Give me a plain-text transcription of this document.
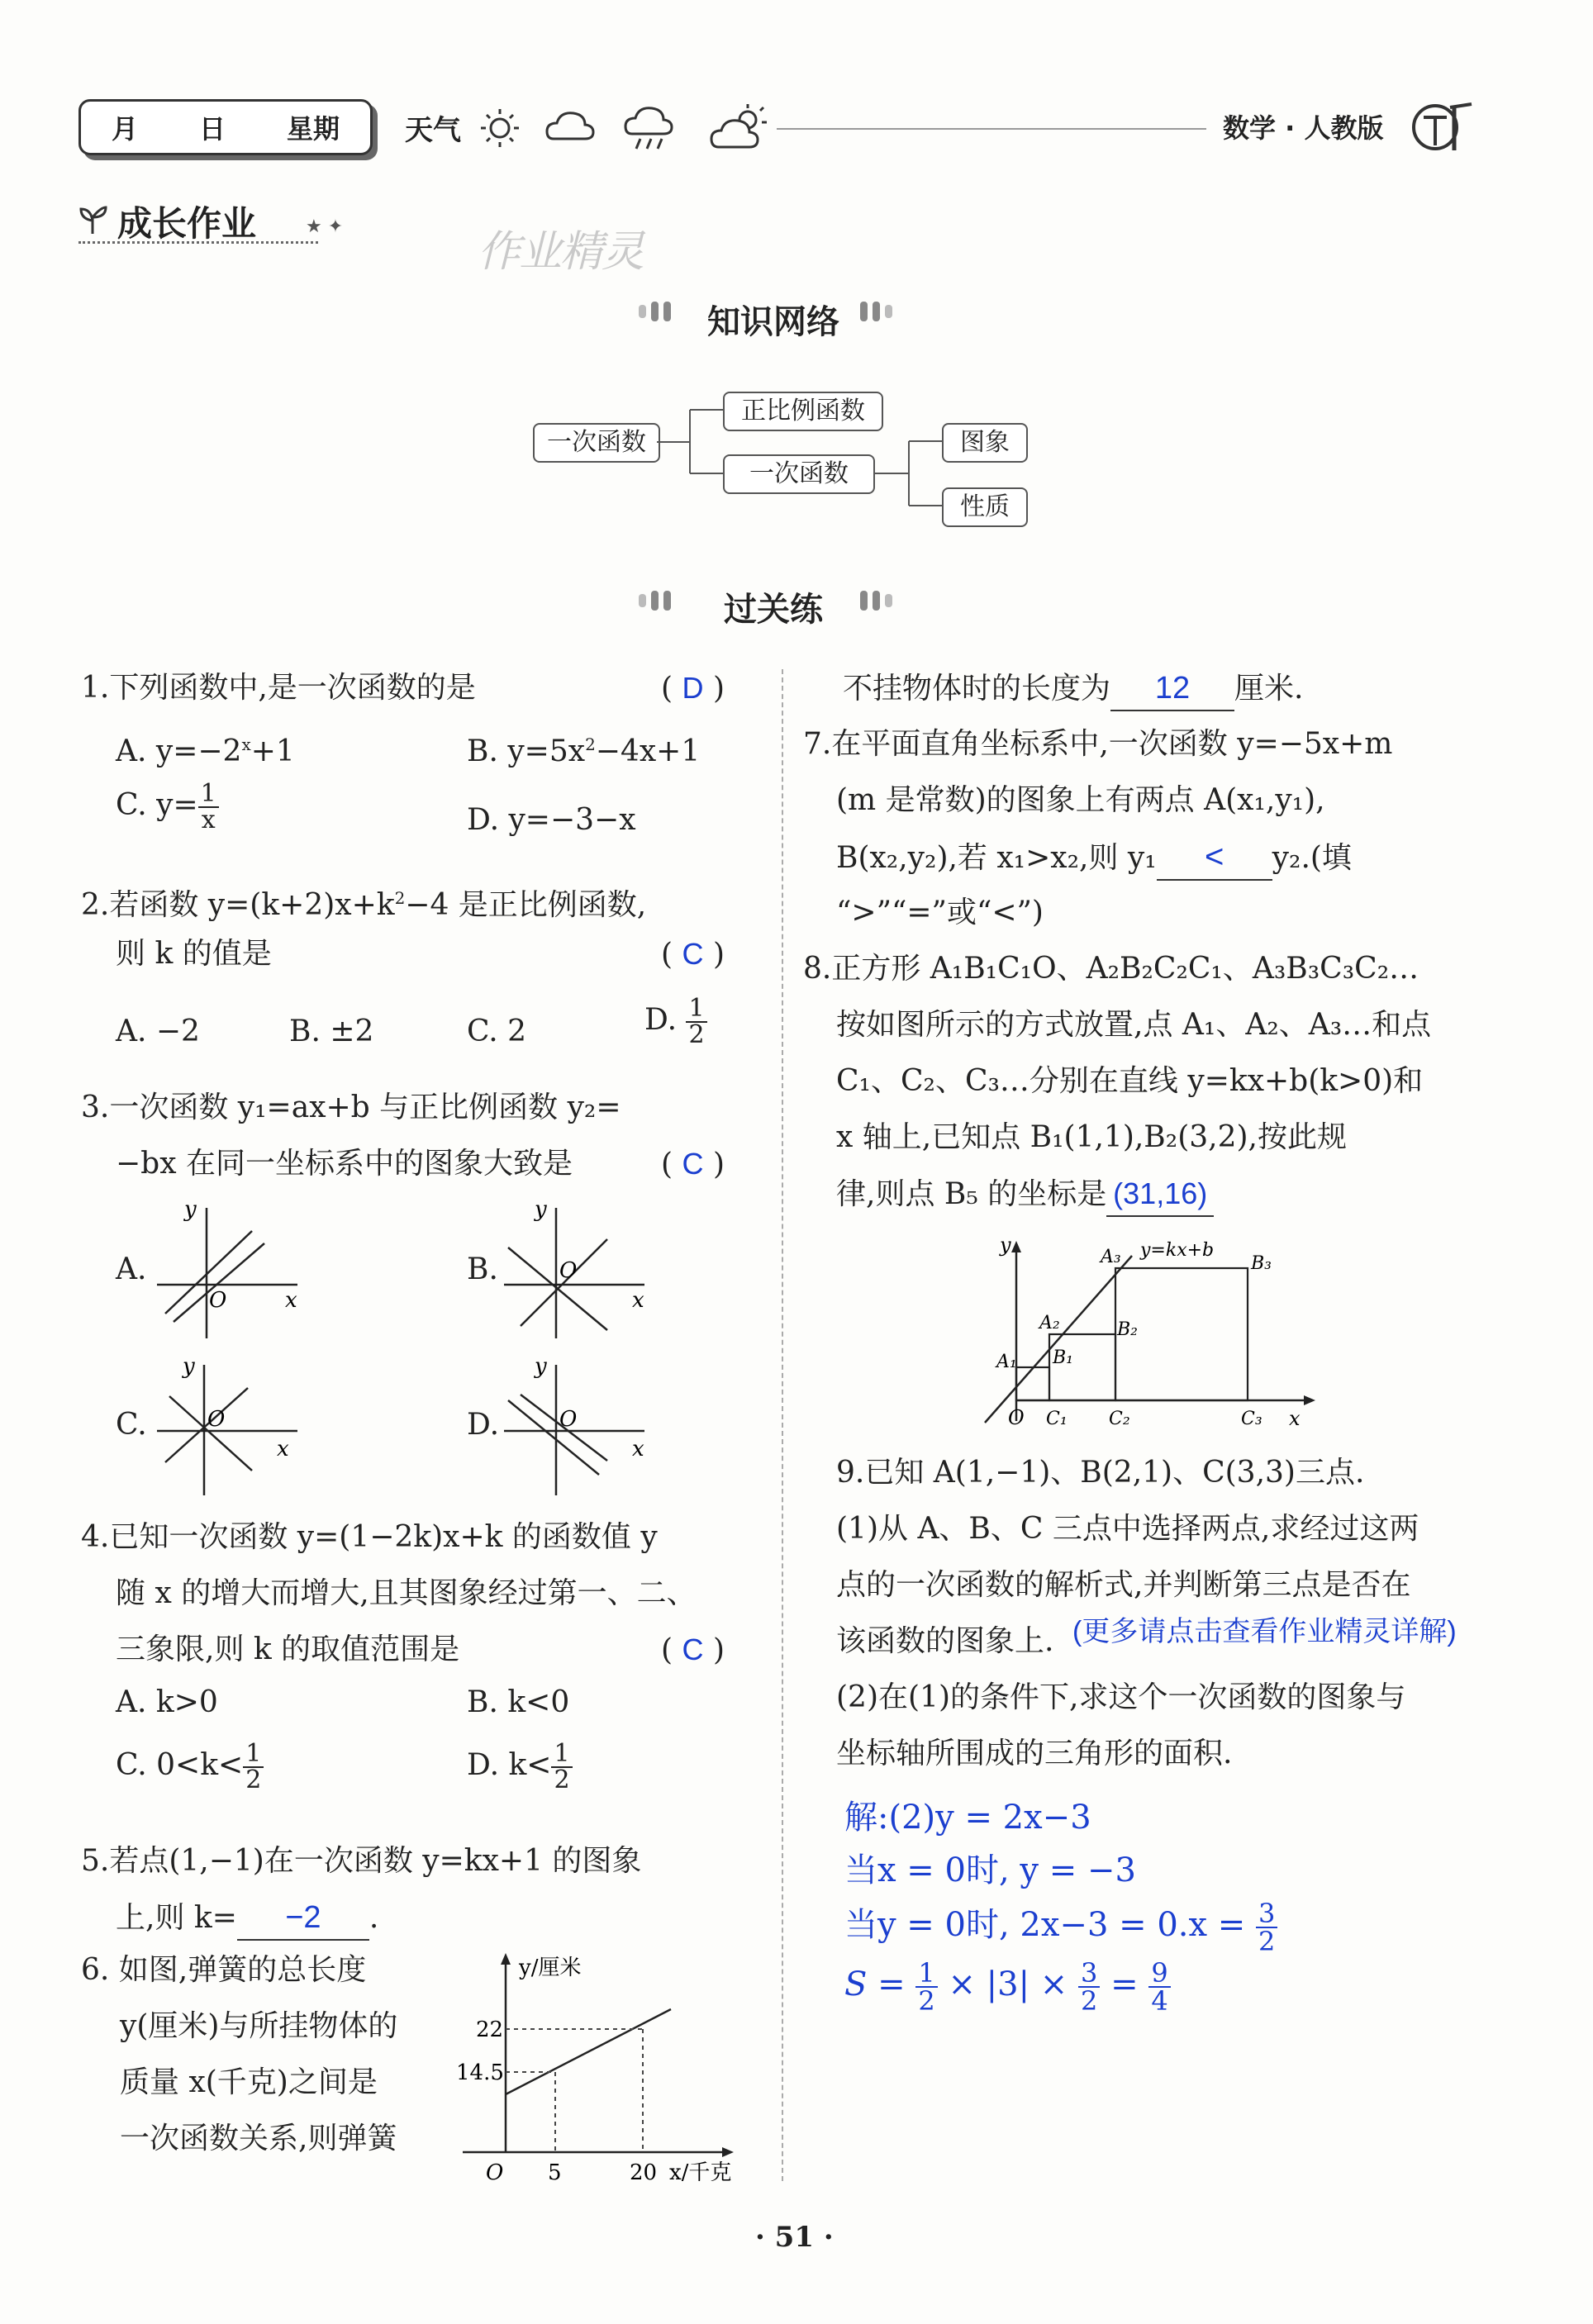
月 日 星期 天气	数学 · 人教版
成长作业	★ ✦
作业精灵
知识网络
一次函数
正比例函数
一次函数
图象
性质
过关练
1.下列函数中,是一次函数的是	( D )
A. $y=-2^x+1$	B. $y=5x^2-4x+1$
C. $y= \frac{1}{x}$	D. y=−3−x
2.若函数 $y=(k+2)x+k^2-4$ 是正比例函数,
则 k 的值是	( C )
A. −2	B. ±2	C. 2	D. $\frac{1}{2}$
3.一次函数 y₁=ax+b 与正比例函数 y₂=
−bx 在同一坐标系中的图象大致是	( C )
A.
y
x
O
B.
y
x
O
C.
y
x
O	D.
y
x
O
4.已知一次函数 y=(1−2k)x+k 的函数值 y
随 x 的增大而增大,且其图象经过第一、二、
三象限,则 k 的取值范围是	( C )
A. k>0	B. k<0
C. $0<k< \frac{1}{2}$	D. $k< \frac{1}{2}$
5.若点(1,−1)在一次函数 y=kx+1 的图象
上,则 k= −2 .
6. 如图,弹簧的总长度
y(厘米)与所挂物体的
质量 x(千克)之间是
一次函数关系,则弹簧
y/厘米
x/千克
O 5	20
14.5
22
不挂物体时的长度为 12 厘米.
7.在平面直角坐标系中,一次函数 y=−5x+m
(m 是常数)的图象上有两点 A(x₁,y₁),
B(x₂,y₂),若 x₁>x₂,则 y₁ < y₂.(填
“>”“=”或“<”)
8.正方形 A₁B₁C₁O、A₂B₂C₂C₁、A₃B₃C₃C₂…
按如图所示的方式放置,点 A₁、A₂、A₃…和点
C₁、C₂、C₃…分别在直线 y=kx+b(k>0)和
x 轴上,已知点 B₁(1,1),B₂(3,2),按此规
律,则点 B₅ 的坐标是 (31,16)
y
x
O
y=kx+b
A₁
A₂
A₃
B₁
B₂
B₃
C₁ C₂	C₃
9.已知 A(1,−1)、B(2,1)、C(3,3)三点.
(1)从 A、B、C 三点中选择两点,求经过这两
点的一次函数的解析式,并判断第三点是否在
该函数的图象上. (更多请点击查看作业精灵详解)
(2)在(1)的条件下,求这个一次函数的图象与
坐标轴所围成的三角形的面积.
解:(2)y = 2x−3
当x = 0时, y = −3
当y = 0时, $2x-3 = 0.x = \frac{3}{2}$
$S = \frac{1}{2} \times |3| \times \frac{3}{2} = \frac{9}{4}$
· 51 ·
